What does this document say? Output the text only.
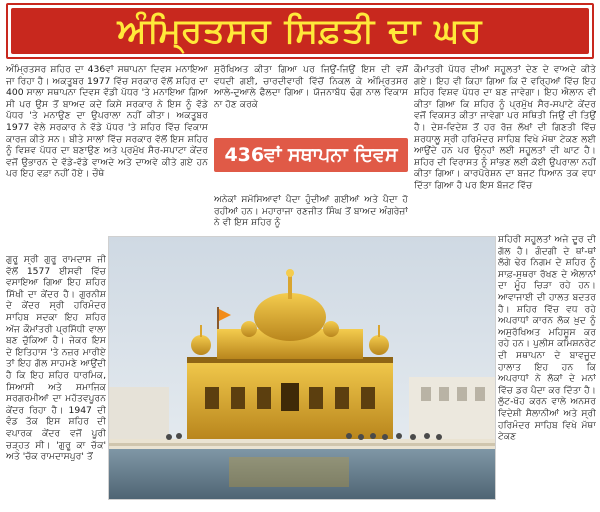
ਅੰਮ੍ਰਿਤਸਰ ਸਿਫ਼ਤੀ ਦਾ ਘਰ
ਅੰਮ੍ਰਿਤਸਰ ਸ਼ਹਿਰ ਦਾ 436ਵਾਂ ਸਥਾਪਨਾ ਦਿਵਸ ਮਨਾਇਆ ਜਾ ਰਿਹਾ ਹੈ। ਅਕਤੂਬਰ 1977 ਵਿੱਚ ਸਰਕਾਰ ਵੱਲੋਂ ਸ਼ਹਿਰ ਦਾ 400 ਸਾਲਾ ਸਥਾਪਨਾ ਦਿਵਸ ਵੱਡੀ ਪੱਧਰ 'ਤੇ ਮਨਾਇਆ ਗਿਆ ਸੀ ਪਰ ਉਸ ਤੋਂ ਬਾਅਦ ਕਦੇ ਕਿਸੇ ਸਰਕਾਰ ਨੇ ਇਸ ਨੂੰ ਵੱਡੇ ਪੱਧਰ 'ਤੇ ਮਨਾਉਣ ਦਾ ਉਪਰਾਲਾ ਨਹੀਂ ਕੀਤਾ। ਅਕਤੂਬਰ 1977 ਵੇਲੇ ਸਰਕਾਰ ਨੇ ਵੱਡੇ ਪੱਧਰ 'ਤੇ ਸ਼ਹਿਰ ਵਿੱਚ ਵਿਕਾਸ ਕਾਰਜ ਕੀਤੇ ਸਨ। ਬੀਤੇ ਸਾਲਾਂ ਵਿੱਚ ਸਰਕਾਰ ਵੱਲੋਂ ਇਸ ਸ਼ਹਿਰ ਨੂੰ ਵਿਸ਼ਵ ਪੱਧਰ ਦਾ ਬਣਾਉਣ ਅਤੇ ਪ੍ਰਮੁੱਖ ਸੈਰ-ਸਪਾਟਾ ਕੇਂਦਰ ਵਜੋਂ ਉਭਾਰਨ ਦੇ ਵੱਡੇ-ਵੱਡੇ ਵਾਅਦੇ ਅਤੇ ਦਾਅਵੇ ਕੀਤੇ ਗਏ ਹਨ ਪਰ ਇਹ ਵਫ਼ਾ ਨਹੀਂ ਹੋਏ। ਚੌਥੇ
ਗੁਰੂ ਸ੍ਰੀ ਗੁਰੂ ਰਾਮਦਾਸ ਜੀ ਵੱਲੋਂ 1577 ਈਸਵੀ ਵਿੱਚ ਵਸਾਇਆ ਗਿਆ ਇਹ ਸ਼ਹਿਰ ਸਿੱਖੀ ਦਾ ਕੇਂਦਰ ਹੈ। ਗੁਰਨੀਸ਼ ਦੇ ਕੇਂਦਰ ਸ੍ਰੀ ਹਰਿਮੰਦਰ ਸਾਹਿਬ ਸਦਕਾ ਇਹ ਸ਼ਹਿਰ ਅੱਜ ਕੌਮਾਂਤਰੀ ਪ੍ਰਸਿੱਧੀ ਵਾਲਾ ਬਣ ਚੁੱਕਿਆ ਹੈ। ਜੇਕਰ ਇਸ ਦੇ ਇਤਿਹਾਸ 'ਤੇ ਨਜ਼ਰ ਮਾਰੀਏ ਤਾਂ ਇਹ ਗੱਲ ਸਾਹਮਣੇ ਆਉਂਦੀ ਹੈ ਕਿ ਇਹ ਸ਼ਹਿਰ ਧਾਰਮਿਕ, ਸਿਆਸੀ ਅਤੇ ਸਮਾਜਿਕ ਸਰਗਰਮੀਆਂ ਦਾ ਮਹੱਤਵਪੂਰਨ ਕੇਂਦਰ ਰਿਹਾ ਹੈ। 1947 ਦੀ ਵੰਡ ਤੱਕ ਇਸ ਸ਼ਹਿਰ ਦੀ ਵਪਾਰਕ ਕੇਂਦਰ ਵਜੋਂ ਪੂਰੀ ਚੜ੍ਹਤ ਸੀ। 'ਗੁਰੂ ਕਾ ਚੱਕ' ਅਤੇ 'ਚੱਕ ਰਾਮਦਾਸਪੁਰ' ਤੋਂ
ਸੁਰੱਖਿਅਤ ਕੀਤਾ ਗਿਆ ਪਰ ਜਿਉਂ-ਜਿਉਂ ਇਸ ਦੀ ਵਸੋਂ ਵਧਦੀ ਗਈ, ਚਾਰਦੀਵਾਰੀ ਵਿੱਚੋਂ ਨਿਕਲ ਕੇ ਅੰਮ੍ਰਿਤਸਰ ਆਲੇ-ਦੁਆਲੇ ਫੈਲਦਾ ਗਿਆ। ਯੋਜਨਾਬੱਧ ਢੰਗ ਨਾਲ ਵਿਕਾਸ ਨਾ ਹੋਣ ਕਰਕੇ
436ਵਾਂ ਸਥਾਪਨਾ ਦਿਵਸ
ਅਨੇਕਾਂ ਸਮੱਸਿਆਵਾਂ ਪੈਦਾ ਹੁੰਦੀਆਂ ਗਈਆਂ ਅਤੇ ਪੈਦਾ ਹੋ ਰਹੀਆਂ ਹਨ। ਮਹਾਰਾਜਾ ਰਣਜੀਤ ਸਿੰਘ ਤੋਂ ਬਾਅਦ ਅੰਗਰੇਜ਼ਾਂ ਨੇ ਵੀ ਇਸ ਸ਼ਹਿਰ ਨੂੰ
ਕੌਮਾਂਤਰੀ ਪੱਧਰ ਦੀਆਂ ਸਹੂਲਤਾਂ ਦੇਣ ਦੇ ਵਾਅਦੇ ਕੀਤੇ ਗਏ। ਇਹ ਵੀ ਕਿਹਾ ਗਿਆ ਕਿ ਦੋ ਵਰ੍ਹਿਆਂ ਵਿੱਚ ਇਹ ਸ਼ਹਿਰ ਵਿਸ਼ਵ ਪੱਧਰ ਦਾ ਬਣ ਜਾਵੇਗਾ। ਇਹ ਐਲਾਨ ਵੀ ਕੀਤਾ ਗਿਆ ਕਿ ਸ਼ਹਿਰ ਨੂੰ ਪ੍ਰਮੁੱਖ ਸੈਰ-ਸਪਾਟੇ ਕੇਂਦਰ ਵਜੋਂ ਵਿਕਸਤ ਕੀਤਾ ਜਾਵੇਗਾ ਪਰ ਸਥਿਤੀ ਜਿਉਂ ਦੀ ਤਿਉਂ ਹੈ। ਦੇਸ਼-ਵਿਦੇਸ਼ ਤੋਂ ਹਰ ਰੋਜ਼ ਲੱਖਾਂ ਦੀ ਗਿਣਤੀ ਵਿੱਚ ਸ਼ਰਧਾਲੂ ਸ੍ਰੀ ਹਰਿਮੰਦਰ ਸਾਹਿਬ ਵਿਖੇ ਮੱਥਾ ਟੇਕਣ ਲਈ ਆਉਂਦੇ ਹਨ ਪਰ ਉਨ੍ਹਾਂ ਲਈ ਸਹੂਲਤਾਂ ਦੀ ਘਾਟ ਹੈ। ਸ਼ਹਿਰ ਦੀ ਵਿਰਾਸਤ ਨੂੰ ਸਾਂਭਣ ਲਈ ਕੋਈ ਉਪਰਾਲਾ ਨਹੀਂ ਕੀਤਾ ਗਿਆ। ਕਾਰਪੋਰੇਸ਼ਨ ਦਾ ਬਜਟ ਧਿਆਨ ਤਕ ਵਧਾ ਦਿੱਤਾ ਗਿਆ ਹੈ ਪਰ ਇਸ ਬੱਜਟ ਵਿੱਚ
ਸ਼ਹਿਰੀ ਸਹੂਲਤਾਂ ਅਜੇ ਦੂਰ ਦੀ ਗੱਲ ਹੈ। ਗੰਦਗੀ ਦੇ ਥਾਂ-ਥਾਂ ਲੱਗੇ ਢੇਰ ਨਿਗਮ ਦੇ ਸ਼ਹਿਰ ਨੂੰ ਸਾਫ਼-ਸੁਥਰਾ ਰੱਖਣ ਦੇ ਐਲਾਨਾਂ ਦਾ ਮੂੰਹ ਚਿੜਾ ਰਹੇ ਹਨ। ਆਵਾਜਾਈ ਦੀ ਹਾਲਤ ਬਦਤਰ ਹੈ। ਸ਼ਹਿਰ ਵਿੱਚ ਵਧ ਰਹੇ ਅਪਰਾਧਾਂ ਕਾਰਨ ਲੋਕ ਖ਼ੁਦ ਨੂੰ ਅਸੁਰੱਖਿਅਤ ਮਹਿਸੂਸ ਕਰ ਰਹੇ ਹਨ। ਪੁਲੀਸ ਕਮਿਸ਼ਨਰੇਟ ਦੀ ਸਥਾਪਨਾ ਦੇ ਬਾਵਜੂਦ ਹਾਲਾਤ ਇਹ ਹਨ ਕਿ ਅਪਰਾਧਾਂ ਨੇ ਲੋਕਾਂ ਦੇ ਮਨਾਂ ਵਿੱਚ ਡਰ ਪੈਦਾ ਕਰ ਦਿੱਤਾ ਹੈ। ਲੁੱਟ-ਖੋਹ ਕਰਨ ਵਾਲੇ ਅਨਸਰ ਵਿਦੇਸ਼ੀ ਸੈਲਾਨੀਆਂ ਅਤੇ ਸ੍ਰੀ ਹਰਿਮੰਦਰ ਸਾਹਿਬ ਵਿਖੇ ਮੱਥਾ ਟੇਕਣ
